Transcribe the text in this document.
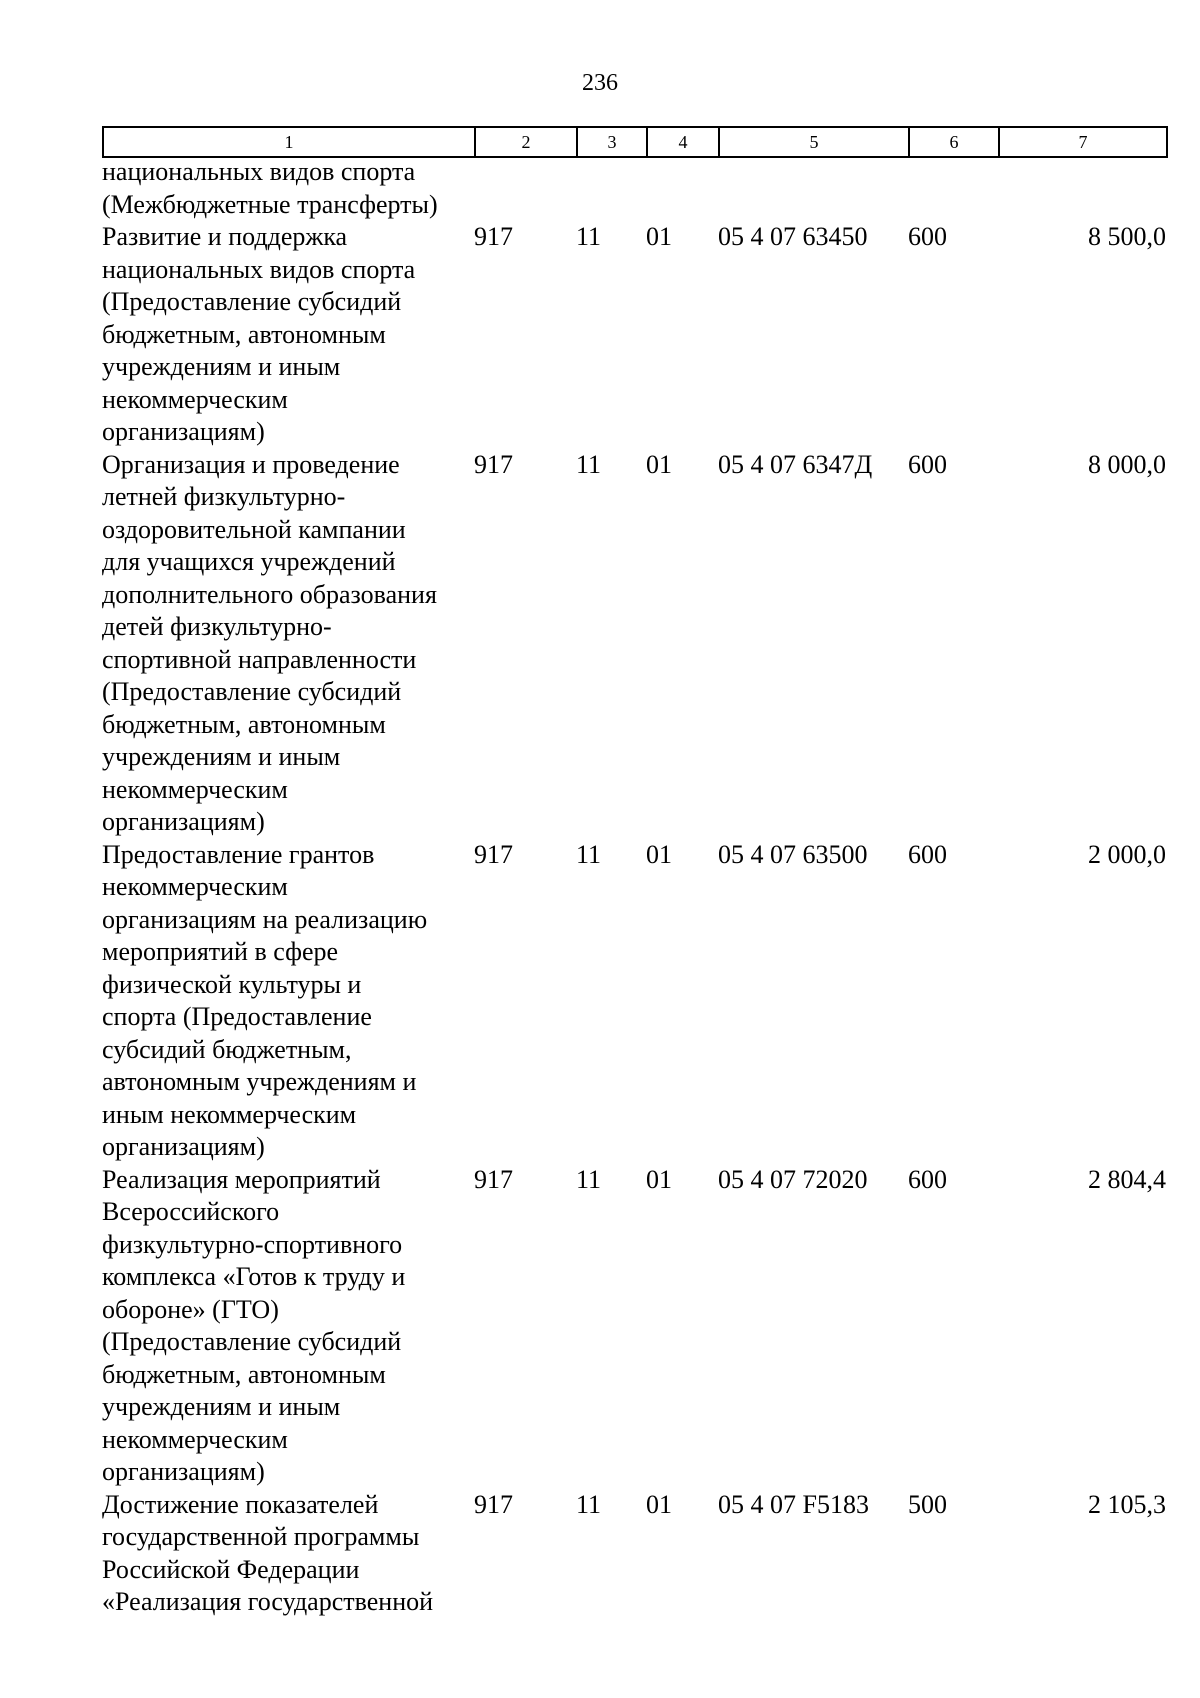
236
1	2	3	4	5	6	7
национальных видов спорта
(Межбюджетные трансферты)
Развитие и поддержка
национальных видов спорта
(Предоставление субсидий
бюджетным, автономным
учреждениям и иным
некоммерческим
организациям)
917	11	01	05 4 07 63450	600	8 500,0
Организация и проведение
летней физкультурно-
оздоровительной кампании
для учащихся учреждений
дополнительного образования
детей физкультурно-
спортивной направленности
(Предоставление субсидий
бюджетным, автономным
учреждениям и иным
некоммерческим
организациям)
917	11	01	05 4 07 6347Д	600	8 000,0
Предоставление грантов
некоммерческим
организациям на реализацию
мероприятий в сфере
физической культуры и
спорта (Предоставление
субсидий бюджетным,
автономным учреждениям и
иным некоммерческим
организациям)
917	11	01	05 4 07 63500	600	2 000,0
Реализация мероприятий
Всероссийского
физкультурно-спортивного
комплекса «Готов к труду и
обороне» (ГТО)
(Предоставление субсидий
бюджетным, автономным
учреждениям и иным
некоммерческим
организациям)
917	11	01	05 4 07 72020	600	2 804,4
Достижение показателей
государственной программы
Российской Федерации
«Реализация государственной
917	11	01	05 4 07 F5183	500	2 105,3
